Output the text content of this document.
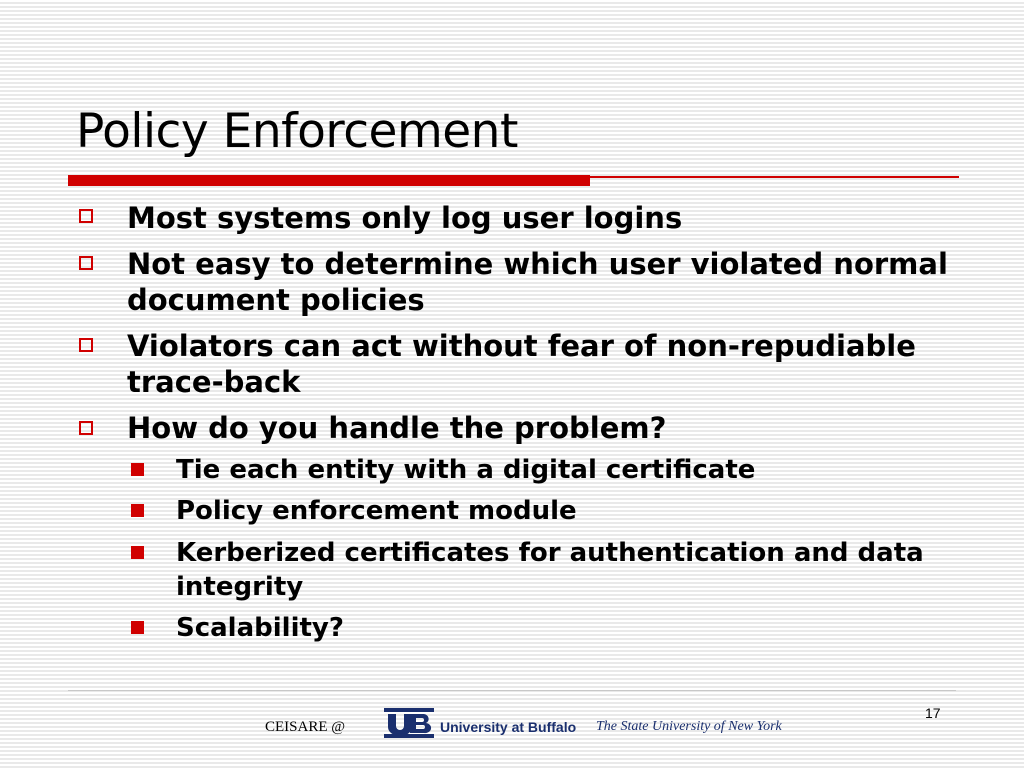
Policy Enforcement
Most systems only log user logins
Not easy to determine which user violated normal document policies
Violators can act without fear of non-repudiable trace-back
How do you handle the problem?
Tie each entity with a digital certificate
Policy enforcement module
Kerberized certificates for authentication and data integrity
Scalability?
CEISARE @	University at Buffalo The State University of New York
17
